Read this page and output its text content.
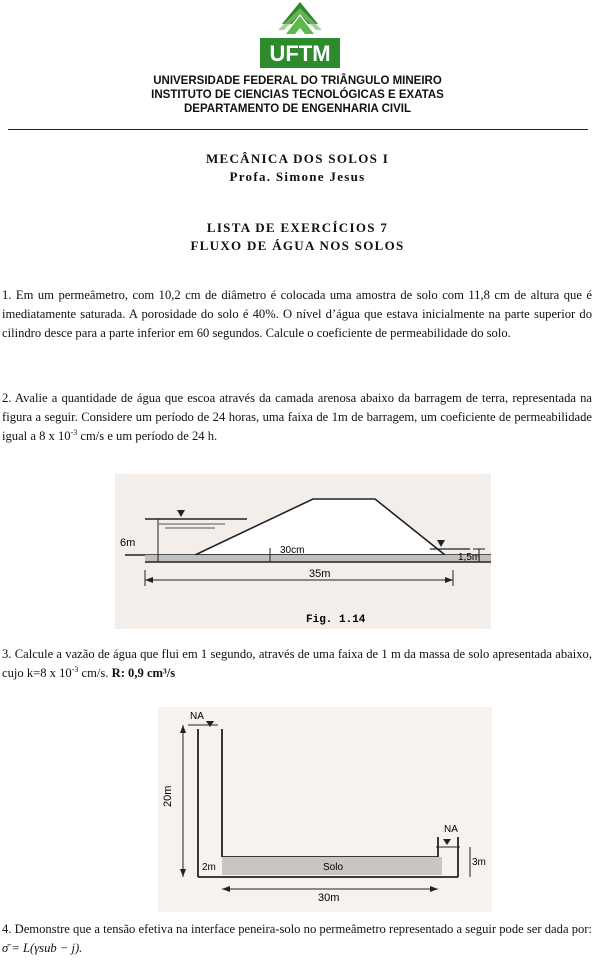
UFTM
UNIVERSIDADE FEDERAL DO TRIÂNGULO MINEIRO
INSTITUTO DE CIENCIAS TECNOLÓGICAS E EXATAS
DEPARTAMENTO DE ENGENHARIA CIVIL
MECÂNICA DOS SOLOS I
Profa. Simone Jesus
LISTA DE EXERCÍCIOS 7
FLUXO DE ÁGUA NOS SOLOS
1. Em um permeâmetro, com 10,2 cm de diâmetro é colocada uma amostra de solo com 11,8 cm de altura que é imediatamente saturada. A porosidade do solo é 40%. O nível d’água que estava inicialmente na parte superior do cilindro desce para a parte inferior em 60 segundos. Calcule o coeficiente de permeabilidade do solo.
2. Avalie a quantidade de água que escoa através da camada arenosa abaixo da barragem de terra, representada na figura a seguir. Considere um período de 24 horas, uma faixa de 1m de barragem, um coeficiente de permeabilidade igual a 8 x $10^{-3}$ cm/s e um período de 24 h.
6m
30cm
1,5m
35m
Fig. 1.14
3. Calcule a vazão de água que flui em 1 segundo, através de uma faixa de 1 m da massa de solo apresentada abaixo, cujo k=8 x $10^{-3}$ cm/s. R: 0,9 cm³/s
NA
20m
Solo
2m
NA
3m
30m
4. Demonstre que a tensão efetiva na interface peneira-solo no permeâmetro representado a seguir pode ser dada por: σ̄ = L(γsub − j).
